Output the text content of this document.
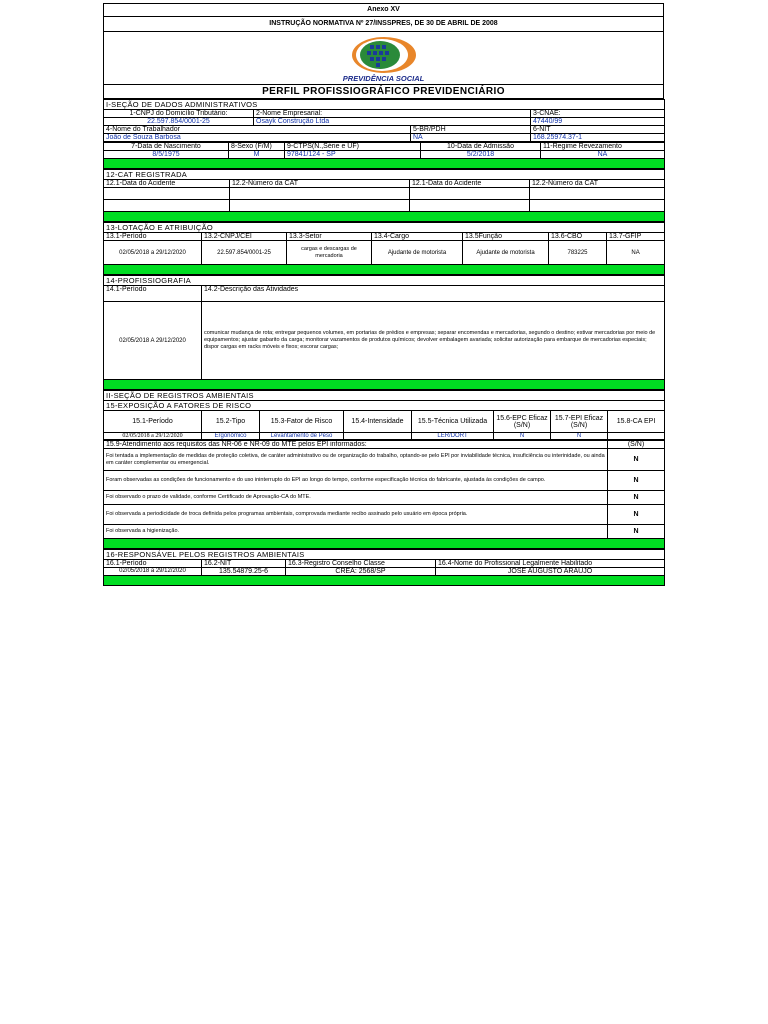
Anexo XV
INSTRUÇÃO NORMATIVA Nº 27/INSSPRES, DE 30 DE ABRIL DE 2008
PREVIDÊNCIA SOCIAL
PERFIL PROFISSIOGRÁFICO PREVIDENCIÁRIO
I-SEÇÃO DE DADOS ADMINISTRATIVOS			
1-CNPJ do Domicílio Tributário:	2-Nome Empresarial:		3-CNAE:
22.597.854/0001-25	Osayk Construção Ltda		47440/99
4-Nome do Trabalhador		5-BR/PDH	6-NIT
João de Souza Barbosa		NA	168.25974.37-1
7-Data de Nascimento	8-Sexo (F/M)	9-CTPS(N.,Série e UF)	10-Data de Admissão	11-Regime Revezamento
8/5/1975	M	97841/124 - SP	5/2/2018	NA

12-CAT REGISTRADA			
12.1-Data do Acidente	12.2-Número da CAT	12.1-Data do Acidente	12.2-Número da CAT

13-LOTAÇÃO E ATRIBUIÇÃO						
13.1-Período	13.2-CNPJ/CEI	13.3-Setor	13.4-Cargo	13.5Função	13.6-CBO	13.7-GFIP
02/05/2018 a 29/12/2020	22.597.854/0001-25	cargas e descargas de mercadoria	Ajudante de motorista	Ajudante de motorista	783225	NA

14-PROFISSIOGRAFIA	
14.1-Período	14.2-Descrição das Atividades
02/05/2018 A 29/12/2020	comunicar mudança de rota; entregar pequenos volumes, em portarias de prédios e empresas; separar encomendas e mercadorias, segundo o destino; estivar mercadorias por meio de equipamentos; ajustar gabarito da carga; monitorar vazamentos de produtos químicos; devolver embalagem avariada; solicitar autorização para embarque de mercadorias especiais; dispor cargas em racks móveis e fixos; escorar cargas;

II-SEÇÃO DE REGISTROS AMBIENTAIS							
15-EXPOSIÇÃO A FATORES DE RISCO							
15.1-Período	15.2-Tipo	15.3-Fator de Risco	15.4-Intensidade	15.5-Técnica Utilizada	15.6-EPC Eficaz (S/N)	15.7-EPI Eficaz (S/N)	15.8-CA EPI
02/05/2018 a 29/12/2020	Ergonômico	Levantamento de Peso		LER/DORT	N	N	
15.9-Atendimento aos requisitos das NR-06 e NR-09 do MTE pelos EPI informados:	(S/N)
Foi tentada a implementação de medidas de proteção coletiva, de caráter administrativo ou de organização do trabalho, optando-se pelo EPI por inviabilidade técnica, insuficiência ou interinidade, ou ainda em caráter complementar ou emergencial.	N
Foram observadas as condições de funcionamento e do uso ininterrupto do EPI ao longo do tempo, conforme especificação técnica do fabricante, ajustada às condições de campo.	N
Foi observado o prazo de validade, conforme Certificado de Aprovação-CA do MTE.	N
Foi observada a periodicidade de troca definida pelos programas ambientais, comprovada mediante recibo assinado pelo usuário em época própria.	N
Foi observada a higienização.	N

16-RESPONSÁVEL PELOS REGISTROS AMBIENTAIS			
16.1-Período	16.2-NIT	16.3-Registro Conselho Classe	16.4-Nome do Profissional Legalmente Habilitado
02/05/2018 a 29/12/2020	135.54879.25-6	CREA: 2568/SP	JOSÉ AUGUSTO ARAÚJO
